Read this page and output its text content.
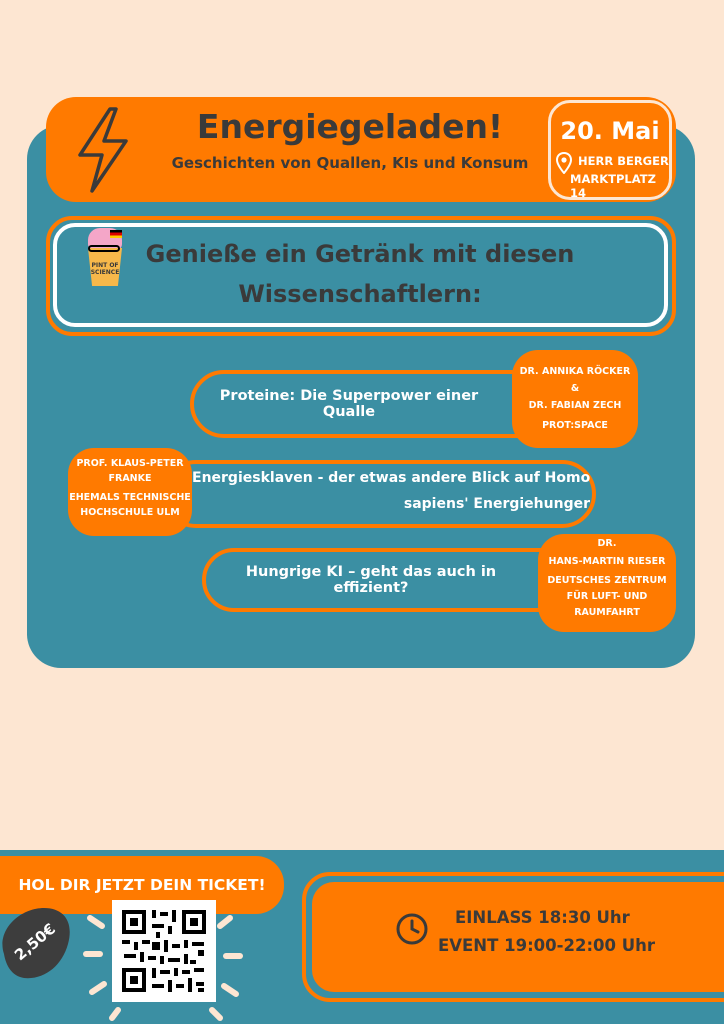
Energiegeladen!
Geschichten von Quallen, KIs und Konsum
20. Mai
HERR BERGER
MARKTPLATZ 14
PINT OF SCIENCE
Genieße ein Getränk mit diesen
Wissenschaftlern:
Proteine: Die Superpower einer Qualle
DR. ANNIKA RÖCKER
&
DR. FABIAN ZECH
PROT:SPACE
Energiesklaven - der etwas andere Blick auf Homo
sapiens' Energiehunger
PROF. KLAUS-PETER
FRANKE
EHEMALS TECHNISCHE
HOCHSCHULE ULM
Hungrige KI – geht das auch in effizient?
DR.
HANS-MARTIN RIESER
DEUTSCHES ZENTRUM
FÜR LUFT- UND
RAUMFAHRT
HOL DIR JETZT DEIN TICKET!
2,50€
EINLASS 18:30 Uhr
EVENT 19:00-22:00 Uhr
